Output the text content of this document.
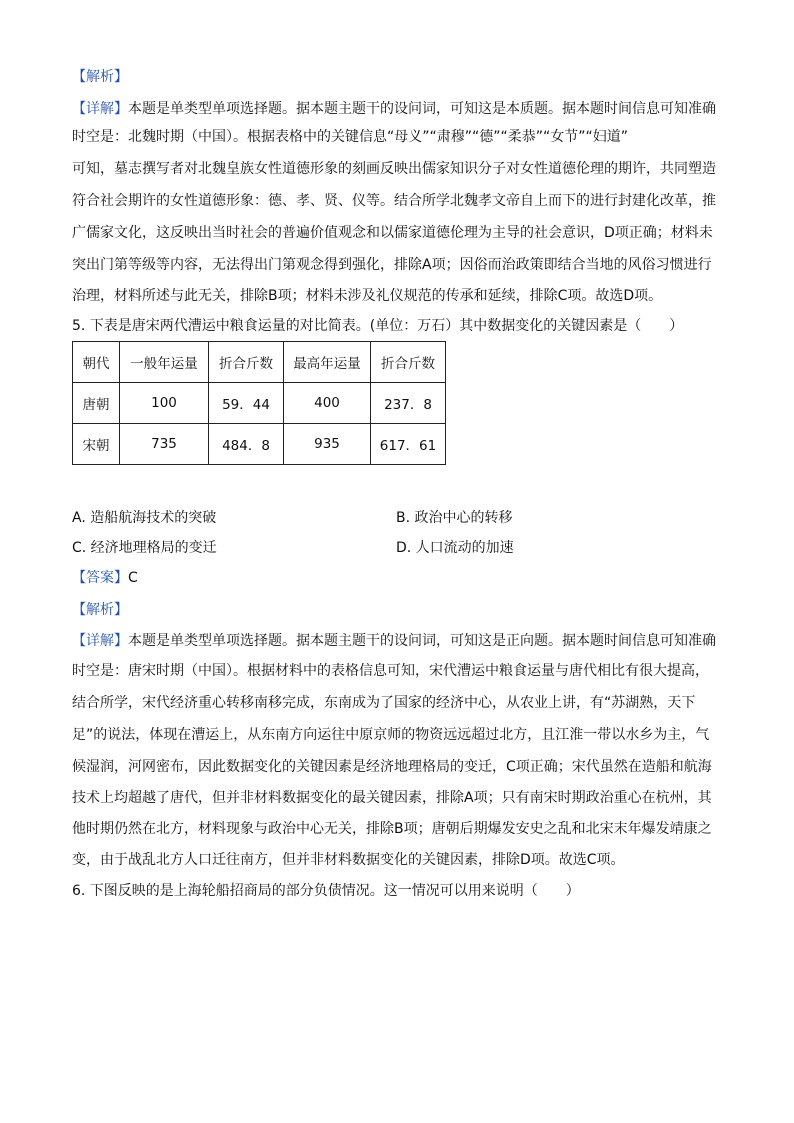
【解析】
【详解】本题是单类型单项选择题。据本题主题干的设问词，可知这是本质题。据本题时间信息可知准确
时空是：北魏时期（中国）。根据表格中的关键信息“母义”“肃穆”“德”“柔恭”“女节”“妇道”
可知，墓志撰写者对北魏皇族女性道德形象的刻画反映出儒家知识分子对女性道德伦理的期许，共同塑造
符合社会期许的女性道德形象：德、孝、贤、仪等。结合所学北魏孝文帝自上而下的进行封建化改革，推
广儒家文化，这反映出当时社会的普遍价值观念和以儒家道德伦理为主导的社会意识，D项正确；材料未
突出门第等级等内容，无法得出门第观念得到强化，排除A项；因俗而治政策即结合当地的风俗习惯进行
治理，材料所述与此无关，排除B项；材料未涉及礼仪规范的传承和延续，排除C项。故选D项。
5. 下表是唐宋两代漕运中粮食运量的对比简表。(单位：万石）其中数据变化的关键因素是（　　）
朝代	一般年运量	折合斤数	最高年运量	折合斤数
唐朝	100	59．44	400	237．8
宋朝	735	484．8	935	617．61
A. 造船航海技术的突破	B. 政治中心的转移
C. 经济地理格局的变迁	D. 人口流动的加速
【答案】C
【解析】
【详解】本题是单类型单项选择题。据本题主题干的设问词，可知这是正向题。据本题时间信息可知准确
时空是：唐宋时期（中国）。根据材料中的表格信息可知，宋代漕运中粮食运量与唐代相比有很大提高，
结合所学，宋代经济重心转移南移完成，东南成为了国家的经济中心，从农业上讲，有“苏湖熟，天下
足”的说法，体现在漕运上，从东南方向运往中原京师的物资远远超过北方，且江淮一带以水乡为主，气
候湿润，河网密布，因此数据变化的关键因素是经济地理格局的变迁，C项正确；宋代虽然在造船和航海
技术上均超越了唐代，但并非材料数据变化的最关键因素，排除A项；只有南宋时期政治重心在杭州，其
他时期仍然在北方，材料现象与政治中心无关，排除B项；唐朝后期爆发安史之乱和北宋末年爆发靖康之
变，由于战乱北方人口迁往南方，但并非材料数据变化的关键因素，排除D项。故选C项。
6. 下图反映的是上海轮船招商局的部分负债情况。这一情况可以用来说明（　　）
